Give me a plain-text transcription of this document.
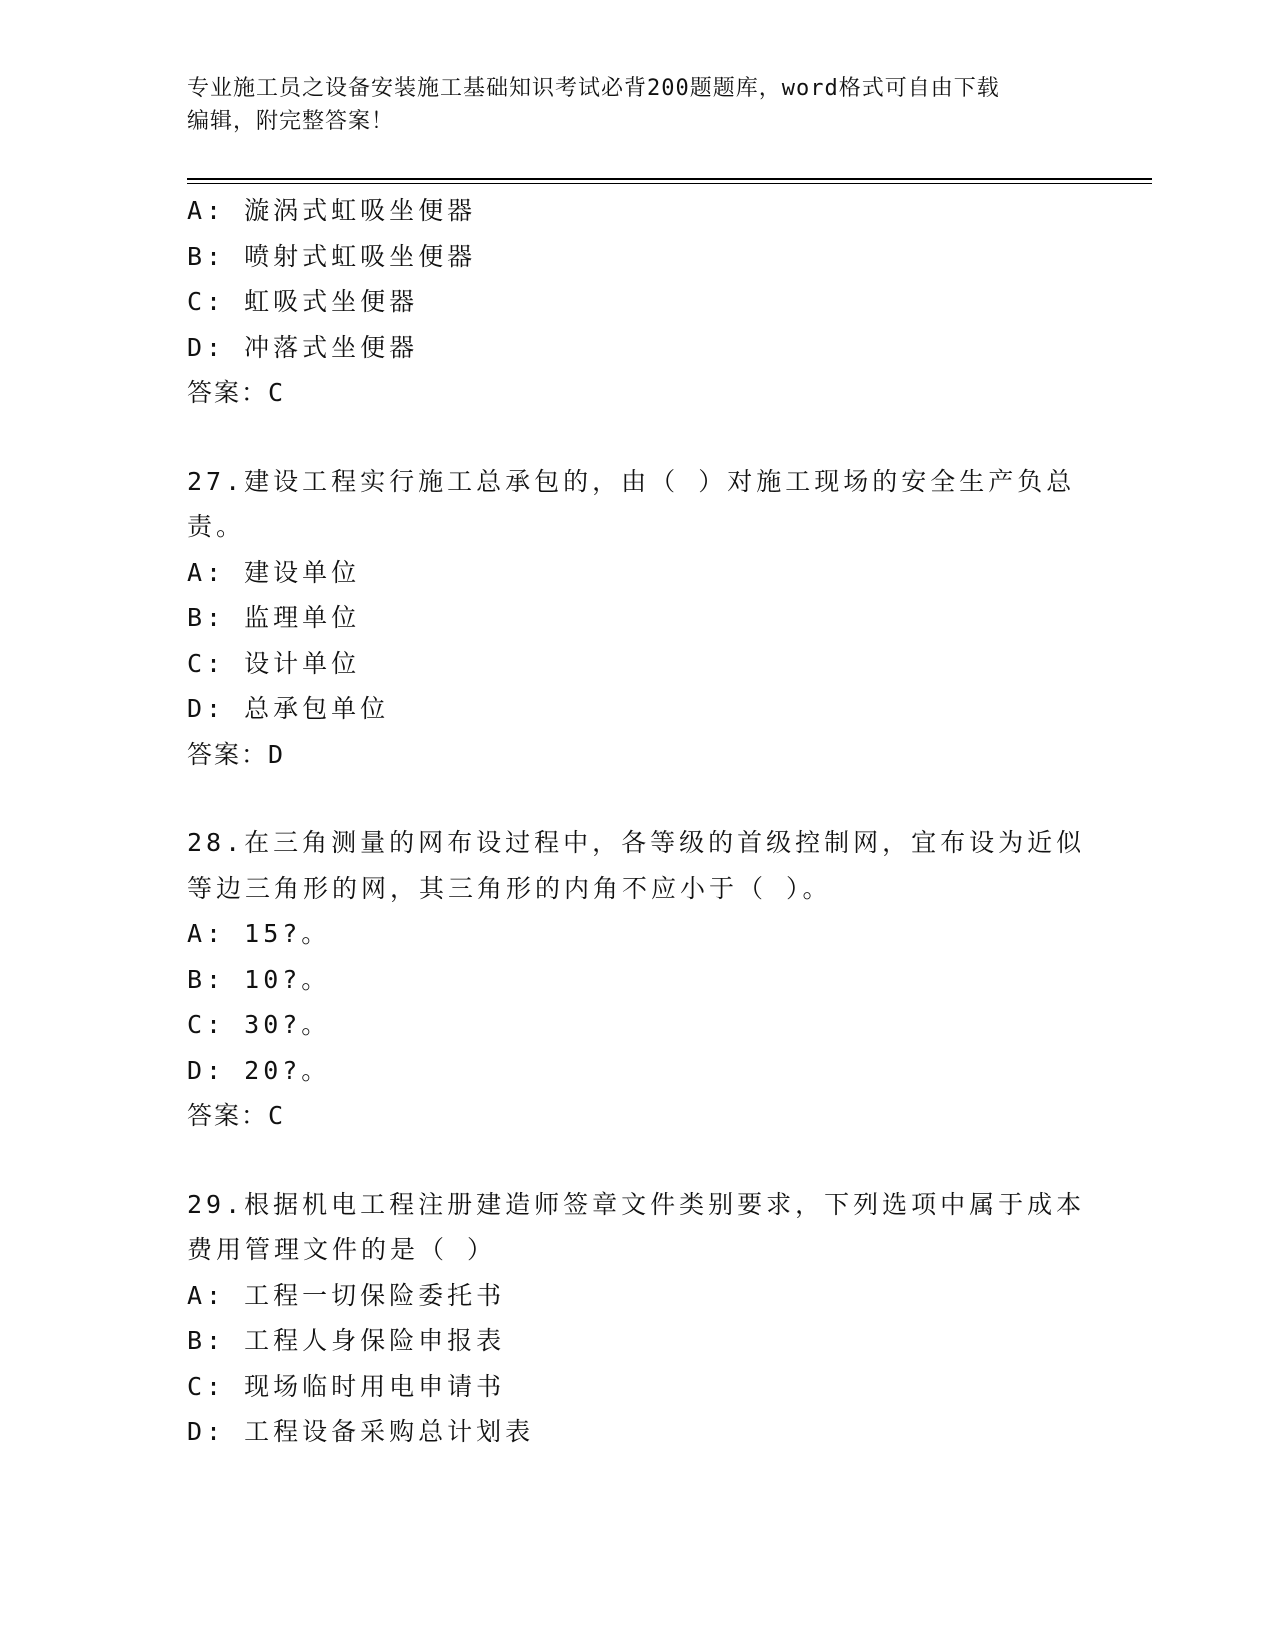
专业施工员之设备安装施工基础知识考试必背200题题库，word格式可自由下载
编辑，附完整答案！
A: 漩涡式虹吸坐便器
B: 喷射式虹吸坐便器
C: 虹吸式坐便器
D: 冲落式坐便器
答案：C
27.建设工程实行施工总承包的，由（ ）对施工现场的安全生产负总
责。
A: 建设单位
B: 监理单位
C: 设计单位
D: 总承包单位
答案：D
28.在三角测量的网布设过程中，各等级的首级控制网，宜布设为近似
等边三角形的网，其三角形的内角不应小于（ ）。
A: 15?。
B: 10?。
C: 30?。
D: 20?。
答案：C
29.根据机电工程注册建造师签章文件类别要求，下列选项中属于成本
费用管理文件的是（ ）
A: 工程一切保险委托书
B: 工程人身保险申报表
C: 现场临时用电申请书
D: 工程设备采购总计划表
